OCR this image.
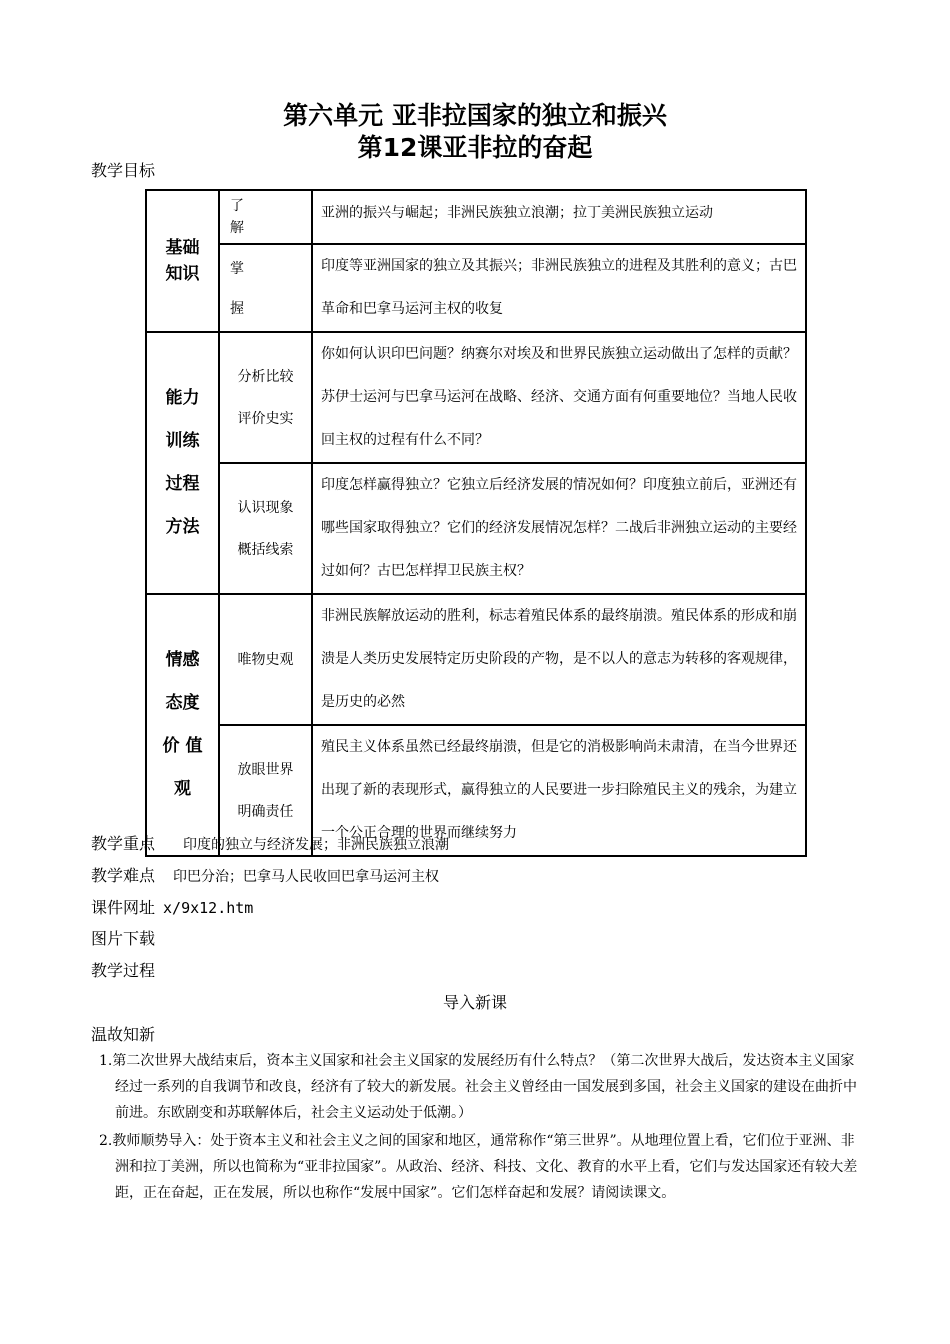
第六单元 亚非拉国家的独立和振兴
第12课亚非拉的奋起
教学目标
基础知识	了解	亚洲的振兴与崛起；非洲民族独立浪潮；拉丁美洲民族独立运动

	掌握	印度等亚洲国家的独立及其振兴；非洲民族独立的进程及其胜利的意义；古巴革命和巴拿马运河主权的收复

能力
训练
过程
方法	分析比较评价史实	你如何认识印巴问题？纳赛尔对埃及和世界民族独立运动做出了怎样的贡献？苏伊士运河与巴拿马运河在战略、经济、交通方面有何重要地位？当地人民收回主权的过程有什么不同？
	认识现象概括线索	印度怎样赢得独立？它独立后经济发展的情况如何？印度独立前后，亚洲还有哪些国家取得独立？它们的经济发展情况怎样？二战后非洲独立运动的主要经过如何？古巴怎样捍卫民族主权？

情感
态度
价 值
观	唯物史观	非洲民族解放运动的胜利，标志着殖民体系的最终崩溃。殖民体系的形成和崩溃是人类历史发展特定历史阶段的产物，是不以人的意志为转移的客观规律，是历史的必然
	放眼世界明确责任	殖民主义体系虽然已经最终崩溃，但是它的消极影响尚未肃清，在当今世界还出现了新的表现形式，赢得独立的人民要进一步扫除殖民主义的残余，为建立一个公正合理的世界而继续努力
教学重点 印度的独立与经济发展；非洲民族独立浪潮
教学难点 印巴分治；巴拿马人民收回巴拿马运河主权
课件网址 x/9x12.htm
图片下载
教学过程
导入新课
温故知新
1.第二次世界大战结束后，资本主义国家和社会主义国家的发展经历有什么特点？（第二次世界大战后，发达资本主义国家经过一系列的自我调节和改良，经济有了较大的新发展。社会主义曾经由一国发展到多国，社会主义国家的建设在曲折中前进。东欧剧变和苏联解体后，社会主义运动处于低潮。）
2.教师顺势导入：处于资本主义和社会主义之间的国家和地区，通常称作“第三世界”。从地理位置上看，它们位于亚洲、非洲和拉丁美洲，所以也简称为“亚非拉国家”。从政治、经济、科技、文化、教育的水平上看，它们与发达国家还有较大差距，正在奋起，正在发展，所以也称作“发展中国家”。它们怎样奋起和发展？请阅读课文。
